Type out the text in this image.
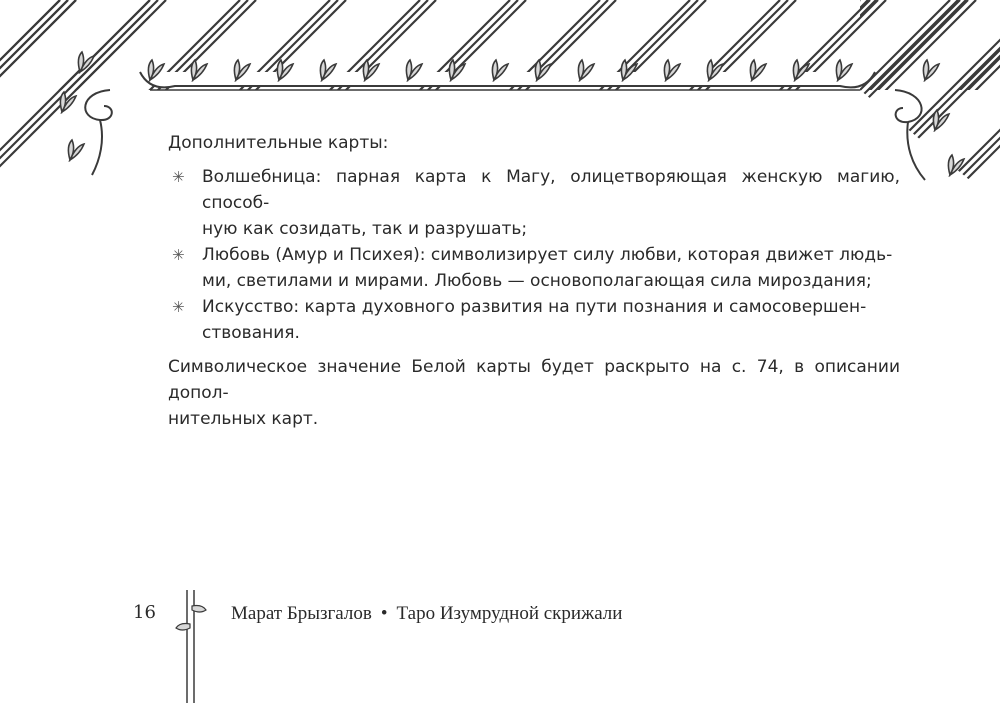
Дополнительные карты:

✳ Волшебница: парная карта к Магу, олицетворяющая женскую магию, способ-
ную как созидать, так и разрушать;
✳ Любовь (Амур и Психея): символизирует силу любви, которая движет людь-
ми, светилами и мирами. Любовь — основополагающая сила мироздания;
✳ Искусство: карта духовного развития на пути познания и самосовершен-
ствования.

Символическое значение Белой карты будет раскрыто на с. 74, в описании допол-
нительных карт.

16	Марат Брызгалов • Таро Изумрудной скрижали
